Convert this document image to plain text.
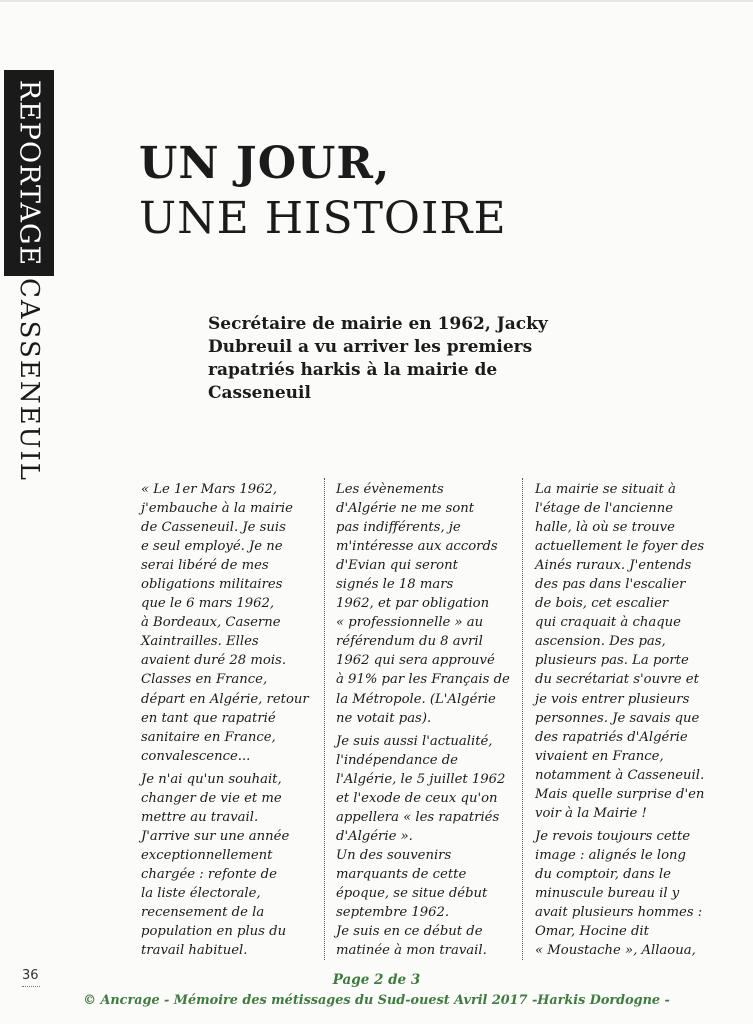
REPORTAGE
CASSENEUIL
UN JOUR,
UNE HISTOIRE
Secrétaire de mairie en 1962, Jacky Dubreuil a vu arriver les premiers rapatriés harkis à la mairie de Casseneuil

« Le 1er Mars 1962,
j'embauche à la mairie
de Casseneuil. Je suis
e seul employé. Je ne
serai libéré de mes
obligations militaires
que le 6 mars 1962,
à Bordeaux, Caserne
Xaintrailles. Elles
avaient duré 28 mois.
Classes en France,
départ en Algérie, retour
en tant que rapatrié
sanitaire en France,
convalescence...

Je n'ai qu'un souhait,
changer de vie et me
mettre au travail.
J'arrive sur une année
exceptionnellement
chargée : refonte de
la liste électorale,
recensement de la
population en plus du
travail habituel.

Les évènements
d'Algérie ne me sont
pas indifférents, je
m'intéresse aux accords
d'Evian qui seront
signés le 18 mars
1962, et par obligation
« professionnelle » au
référendum du 8 avril
1962 qui sera approuvé
à 91% par les Français de
la Métropole. (L'Algérie
ne votait pas).

Je suis aussi l'actualité,
l'indépendance de
l'Algérie, le 5 juillet 1962
et l'exode de ceux qu'on
appellera « les rapatriés
d'Algérie ».
Un des souvenirs
marquants de cette
époque, se situe début
septembre 1962.
Je suis en ce début de
matinée à mon travail.

La mairie se situait à
l'étage de l'ancienne
halle, là où se trouve
actuellement le foyer des
Ainés ruraux. J'entends
des pas dans l'escalier
de bois, cet escalier
qui craquait à chaque
ascension. Des pas,
plusieurs pas. La porte
du secrétariat s'ouvre et
je vois entrer plusieurs
personnes. Je savais que
des rapatriés d'Algérie
vivaient en France,
notamment à Casseneuil.
Mais quelle surprise d'en
voir à la Mairie !

Je revois toujours cette
image : alignés le long
du comptoir, dans le
minuscule bureau il y
avait plusieurs hommes :
Omar, Hocine dit
« Moustache », Allaoua,

36	Page 2 de 3
© Ancrage - Mémoire des métissages du Sud-ouest Avril 2017 -Harkis Dordogne -
